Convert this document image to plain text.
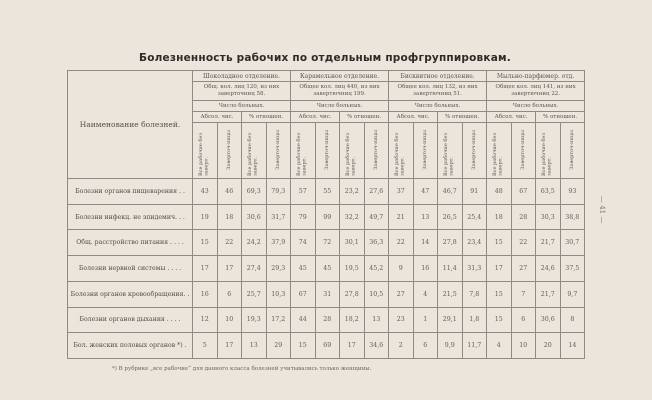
Болезненность рабочих по отдельным профгруппировкам.
Наименование болезней.	Шоколадное отделение.				Карамельное отделение.				Бисквитное отделение.				Мыльно-парфюмер. отд.			
	Общ. кол. лиц 120, из них заверточниц 58.				Общее кол. лиц 440, из них завертючниц 199.				Общее кол. лиц 132, из них завертючниц 51.				Общее кол. лиц 141, из них завертючниц 22.			
	Число больных.				Число больных.				Число больных.				Число больных.			
	Абсол. чис.		% отношен.		Абсол. чис.		% отношен.		Абсол. чис.		% отношен.		Абсол. чис.		% отношен.	
	Все рабочие без заверт.	Заверточ-ницы	Все рабочие без заверт.	Заверточ-ницы	Все рабочие без заверт.	Заверточ-ницы	Все рабочие без заверт.	Заверточ-ницы	Все рабочие без заверт.	Заверточ-ницы	Все рабочие без заверт.	Заверточ-ницы	Все рабочие без заверт.	Заверточ-ницы	Все рабочие без заверт.	Заверточ-ницы
Болезни органов пищеварения . .	43	46	69,3	79,3	57	55	23,2	27,6	37	47	46,7	91	48	67	63,5	93
Болезни инфекц. не эпидемич. . .	19	18	30,6	31,7	79	99	32,2	49,7	21	13	26,5	25,4	18	28	30,3	38,8
Общ. расстройство питания . . . .	15	22	24,2	37,9	74	72	30,1	36,3	22	14	27,8	23,4	15	22	21,7	30,7
Болезни нервной системы . . . .	17	17	27,4	29,3	45	45	19,5	45,2	9	16	11,4	31,3	17	27	24,6	37,5
Болезни органов кровообращения. .	16	6	25,7	10,3	67	31	27,8	10,5	27	4	21,5	7,8	15	7	21,7	9,7
Болезни органов дыхания . . . .	12	10	19,3	17,2	44	28	18,2	13	23	1	29,1	1,8	15	6	30,6	8
Бол. женских половых органов *) .	5	17	13	29	15	69	17	34,6	2	6	9,9	11,7	4	10	20	14
*) В рубрике „все рабочие“ для данного класса болезней учитывались только женщины.
— 41 —
